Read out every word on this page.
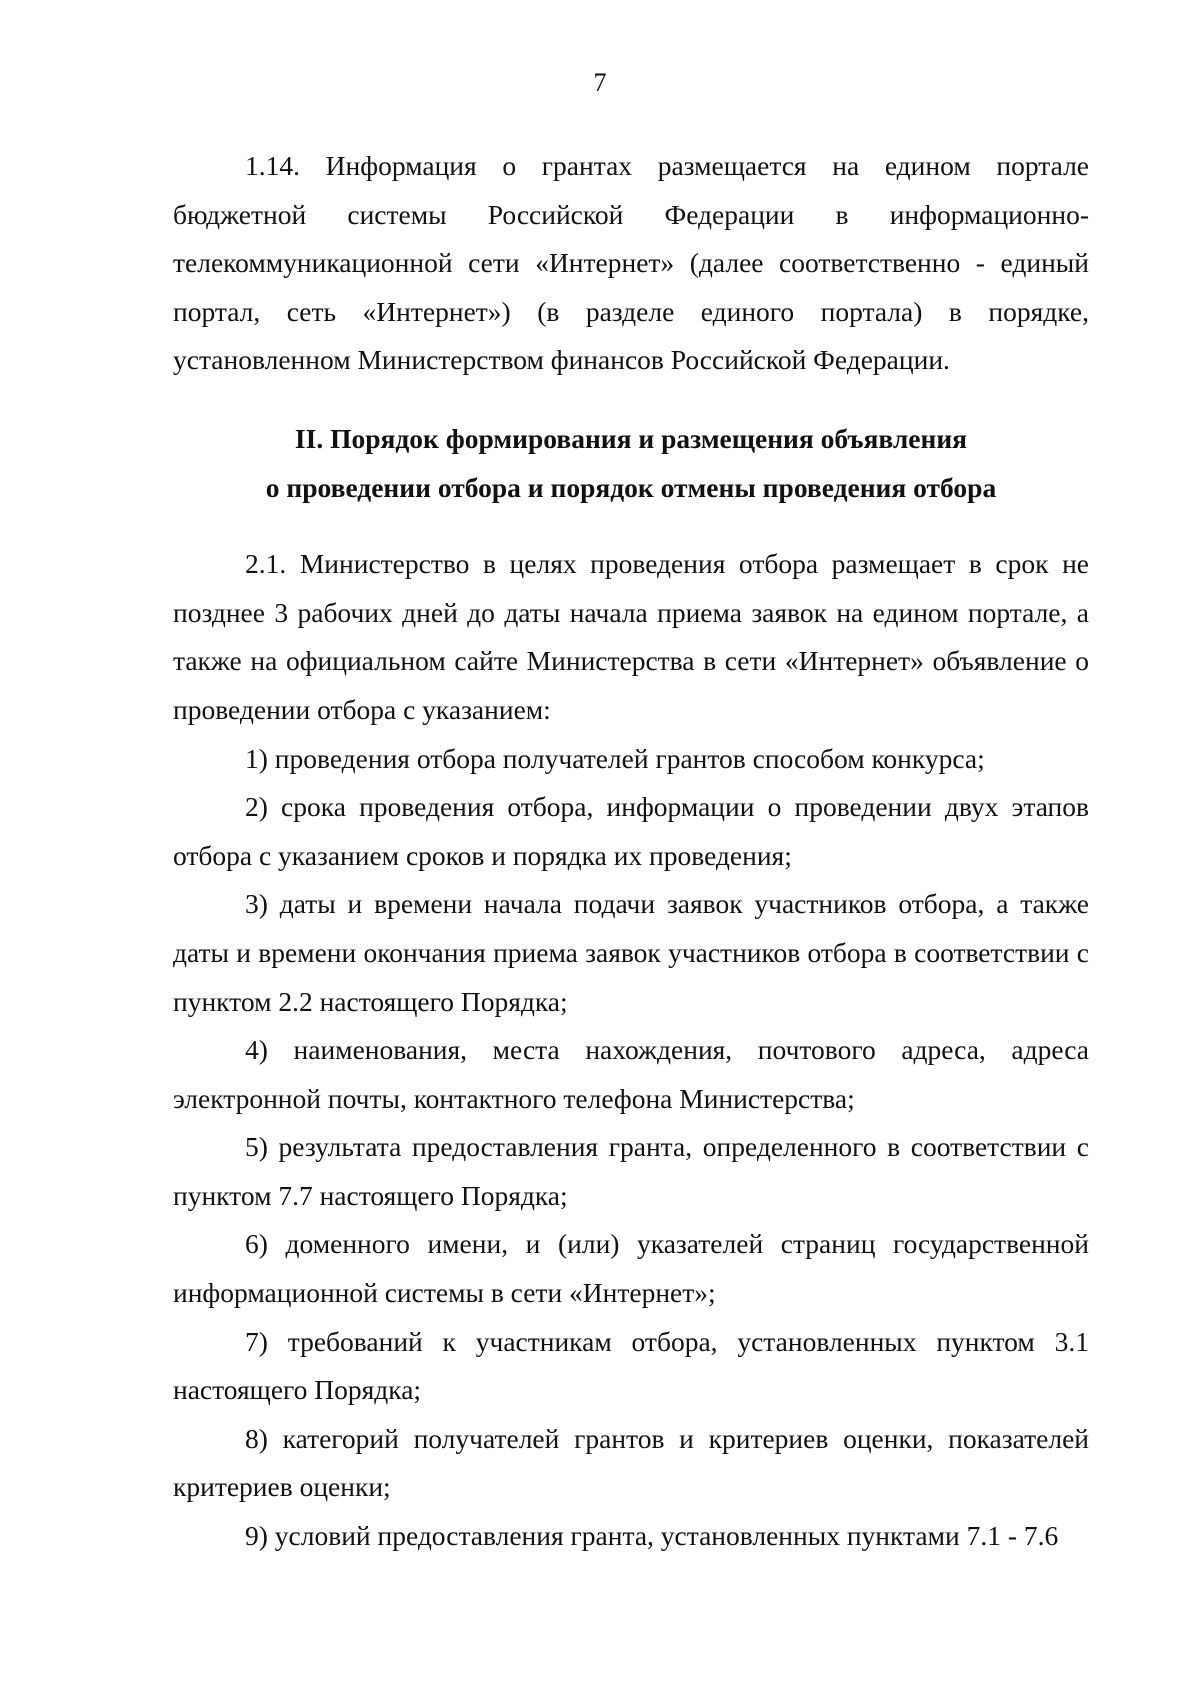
7

1.14. Информация о грантах размещается на едином портале бюджетной системы Российской Федерации в информационно-телекоммуникационной сети «Интернет» (далее соответственно - единый портал, сеть «Интернет») (в разделе единого портала) в порядке, установленном Министерством финансов Российской Федерации.

II. Порядок формирования и размещения объявления
о проведении отбора и порядок отмены проведения отбора

2.1. Министерство в целях проведения отбора размещает в срок не позднее 3 рабочих дней до даты начала приема заявок на едином портале, а также на официальном сайте Министерства в сети «Интернет» объявление о проведении отбора с указанием:

1) проведения отбора получателей грантов способом конкурса;

2) срока проведения отбора, информации о проведении двух этапов отбора с указанием сроков и порядка их проведения;

3) даты и времени начала подачи заявок участников отбора, а также даты и времени окончания приема заявок участников отбора в соответствии с пунктом 2.2 настоящего Порядка;

4) наименования, места нахождения, почтового адреса, адреса электронной почты, контактного телефона Министерства;

5) результата предоставления гранта, определенного в соответствии с пунктом 7.7 настоящего Порядка;

6) доменного имени, и (или) указателей страниц государственной информационной системы в сети «Интернет»;

7) требований к участникам отбора, установленных пунктом 3.1 настоящего Порядка;

8) категорий получателей грантов и критериев оценки, показателей критериев оценки;

9) условий предоставления гранта, установленных пунктами 7.1 - 7.6
